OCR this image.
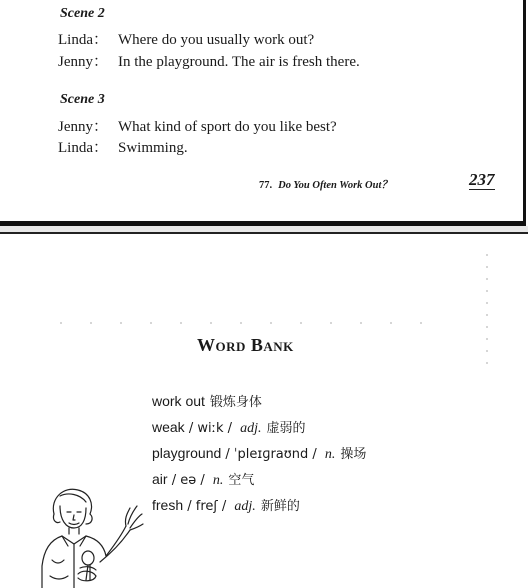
Scene 2
Linda： Where do you usually work out?
Jenny： In the playground. The air is fresh there.
Scene 3
Jenny： What kind of sport do you like best?
Linda： Swimming.
77. Do You Often Work Out？	237
Word Bank
work out 锻炼身体
weak / wiːk / adj. 虚弱的
playground / ˈpleɪɡraʊnd / n. 操场
air / eə / n. 空气
fresh / freʃ / adj. 新鲜的
